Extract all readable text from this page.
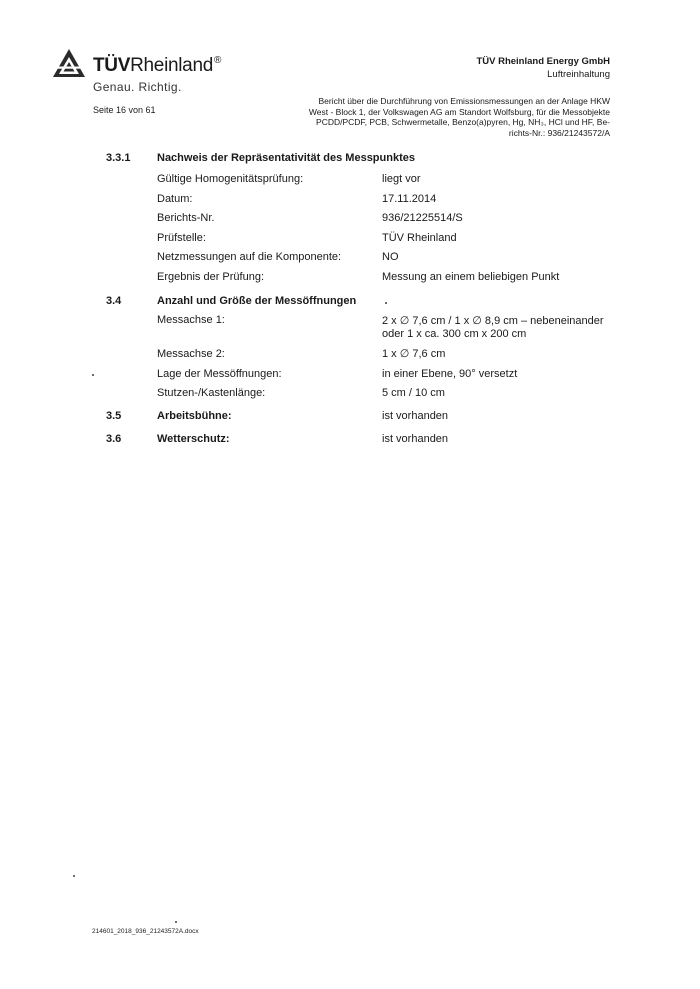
TÜVRheinland®
Genau. Richtig.
TÜV Rheinland Energy GmbH
Luftreinhaltung
Seite 16 von 61
Bericht über die Durchführung von Emissionsmessungen an der Anlage HKW
West - Block 1, der Volkswagen AG am Standort Wolfsburg, für die Messobjekte
PCDD/PCDF, PCB, Schwermetalle, Benzo(a)pyren, Hg, NH₃, HCl und HF, Be-
richts-Nr.: 936/21243572/A
3.3.1 Nachweis der Repräsentativität des Messpunktes
Gültige Homogenitätsprüfung:	liegt vor
Datum:	17.11.2014
Berichts-Nr.	936/21225514/S
Prüfstelle:	TÜV Rheinland
Netzmessungen auf die Komponente:	NO
Ergebnis der Prüfung:	Messung an einem beliebigen Punkt
3.4	Anzahl und Größe der Messöffnungen
Messachse 1:	2 x ∅ 7,6 cm / 1 x ∅ 8,9 cm – nebeneinander
oder 1 x ca. 300 cm x 200 cm
Messachse 2:	1 x ∅ 7,6 cm
Lage der Messöffnungen:	in einer Ebene, 90° versetzt
Stutzen-/Kastenlänge:	5 cm / 10 cm
3.5	Arbeitsbühne:	ist vorhanden
3.6	Wetterschutz:	ist vorhanden
214601_2018_936_21243572A.docx
